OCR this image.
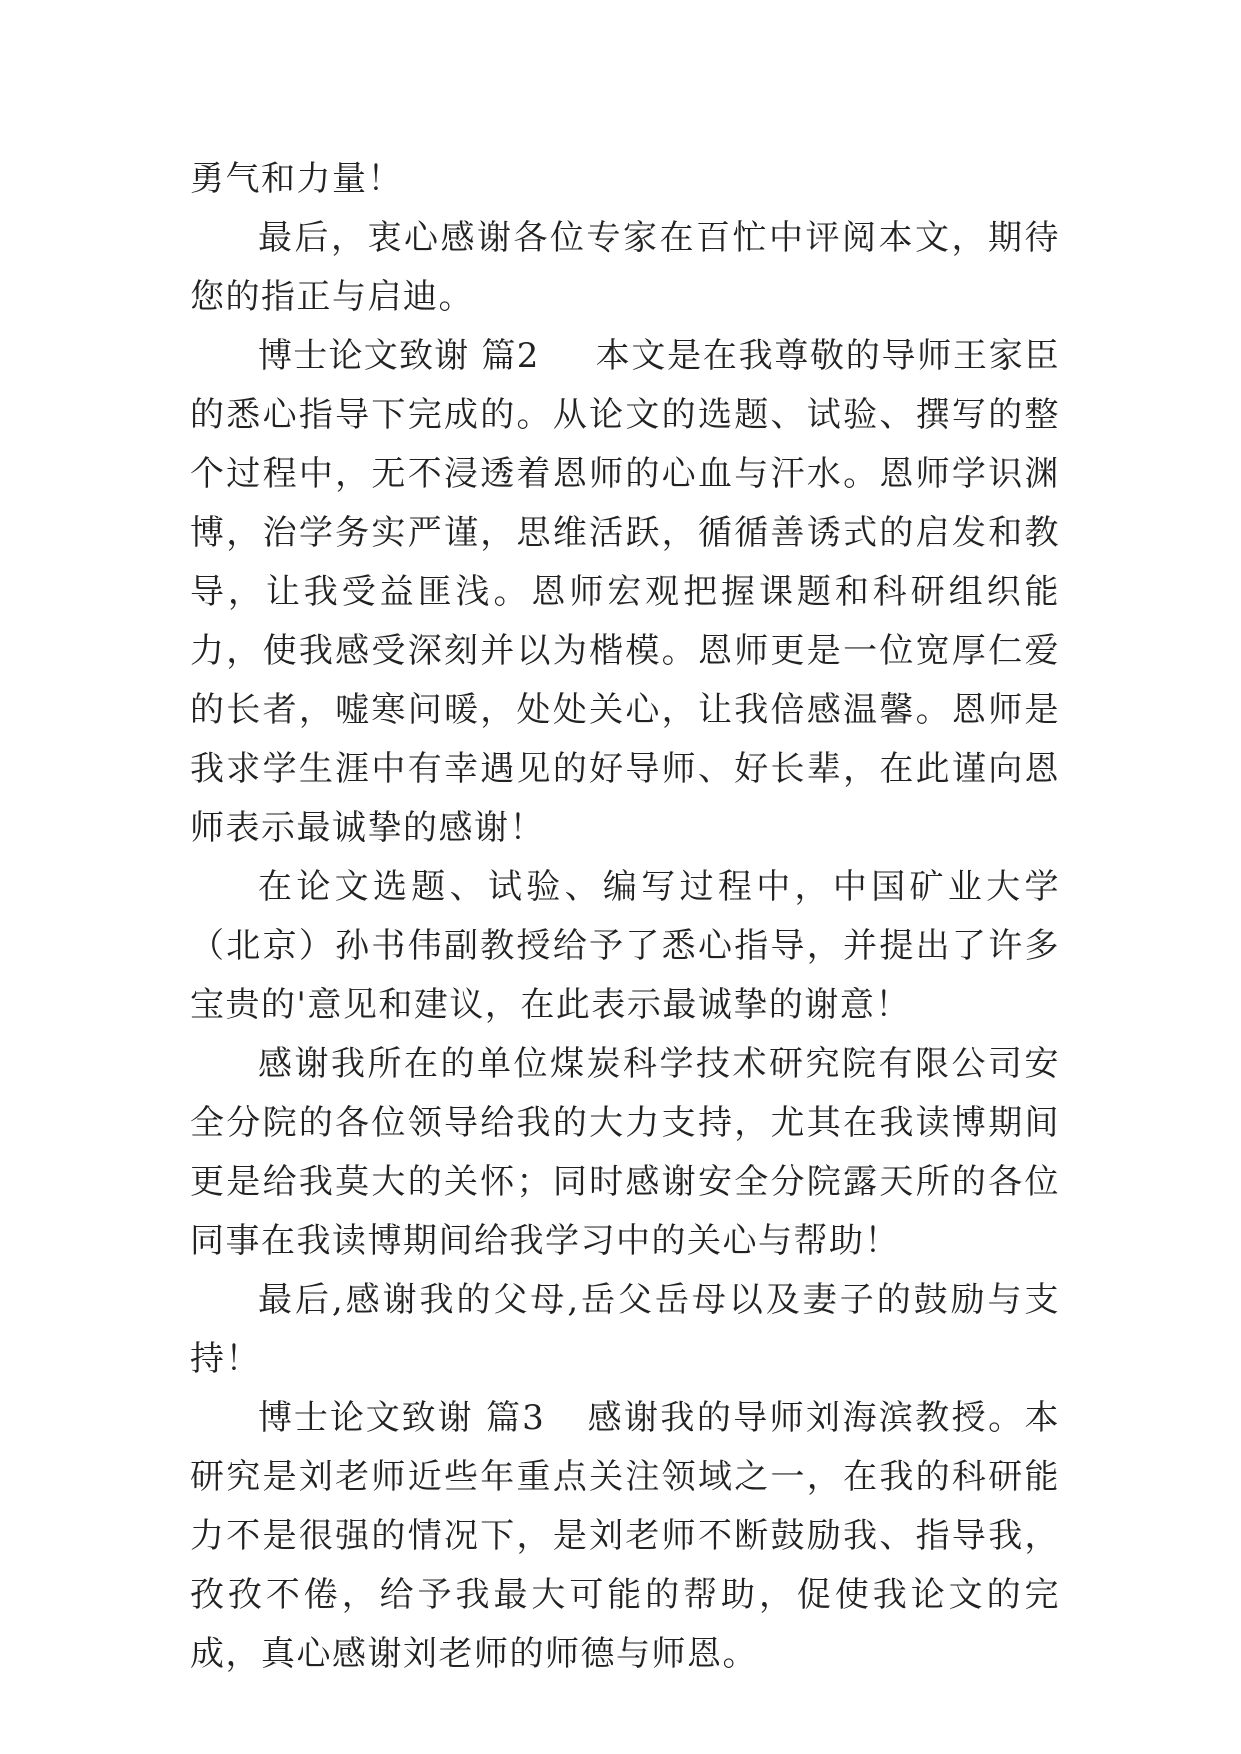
勇气和力量！

最后，衷心感谢各位专家在百忙中评阅本文，期待您的指正与启迪。

博士论文致谢 篇2 本文是在我尊敬的导师王家臣的悉心指导下完成的。从论文的选题、试验、撰写的整个过程中，无不浸透着恩师的心血与汗水。恩师学识渊博，治学务实严谨，思维活跃，循循善诱式的启发和教导，让我受益匪浅。恩师宏观把握课题和科研组织能力，使我感受深刻并以为楷模。恩师更是一位宽厚仁爱的长者，嘘寒问暖，处处关心，让我倍感温馨。恩师是我求学生涯中有幸遇见的好导师、好长辈，在此谨向恩师表示最诚挚的感谢！

在论文选题、试验、编写过程中，中国矿业大学（北京）孙书伟副教授给予了悉心指导，并提出了许多宝贵的'意见和建议，在此表示最诚挚的谢意！

感谢我所在的单位煤炭科学技术研究院有限公司安全分院的各位领导给我的大力支持，尤其在我读博期间更是给我莫大的关怀；同时感谢安全分院露天所的各位同事在我读博期间给我学习中的关心与帮助！

最后,感谢我的父母,岳父岳母以及妻子的鼓励与支持！

博士论文致谢 篇3 感谢我的导师刘海滨教授。本研究是刘老师近些年重点关注领域之一，在我的科研能力不是很强的情况下，是刘老师不断鼓励我、指导我，孜孜不倦，给予我最大可能的帮助，促使我论文的完成，真心感谢刘老师的师德与师恩。
